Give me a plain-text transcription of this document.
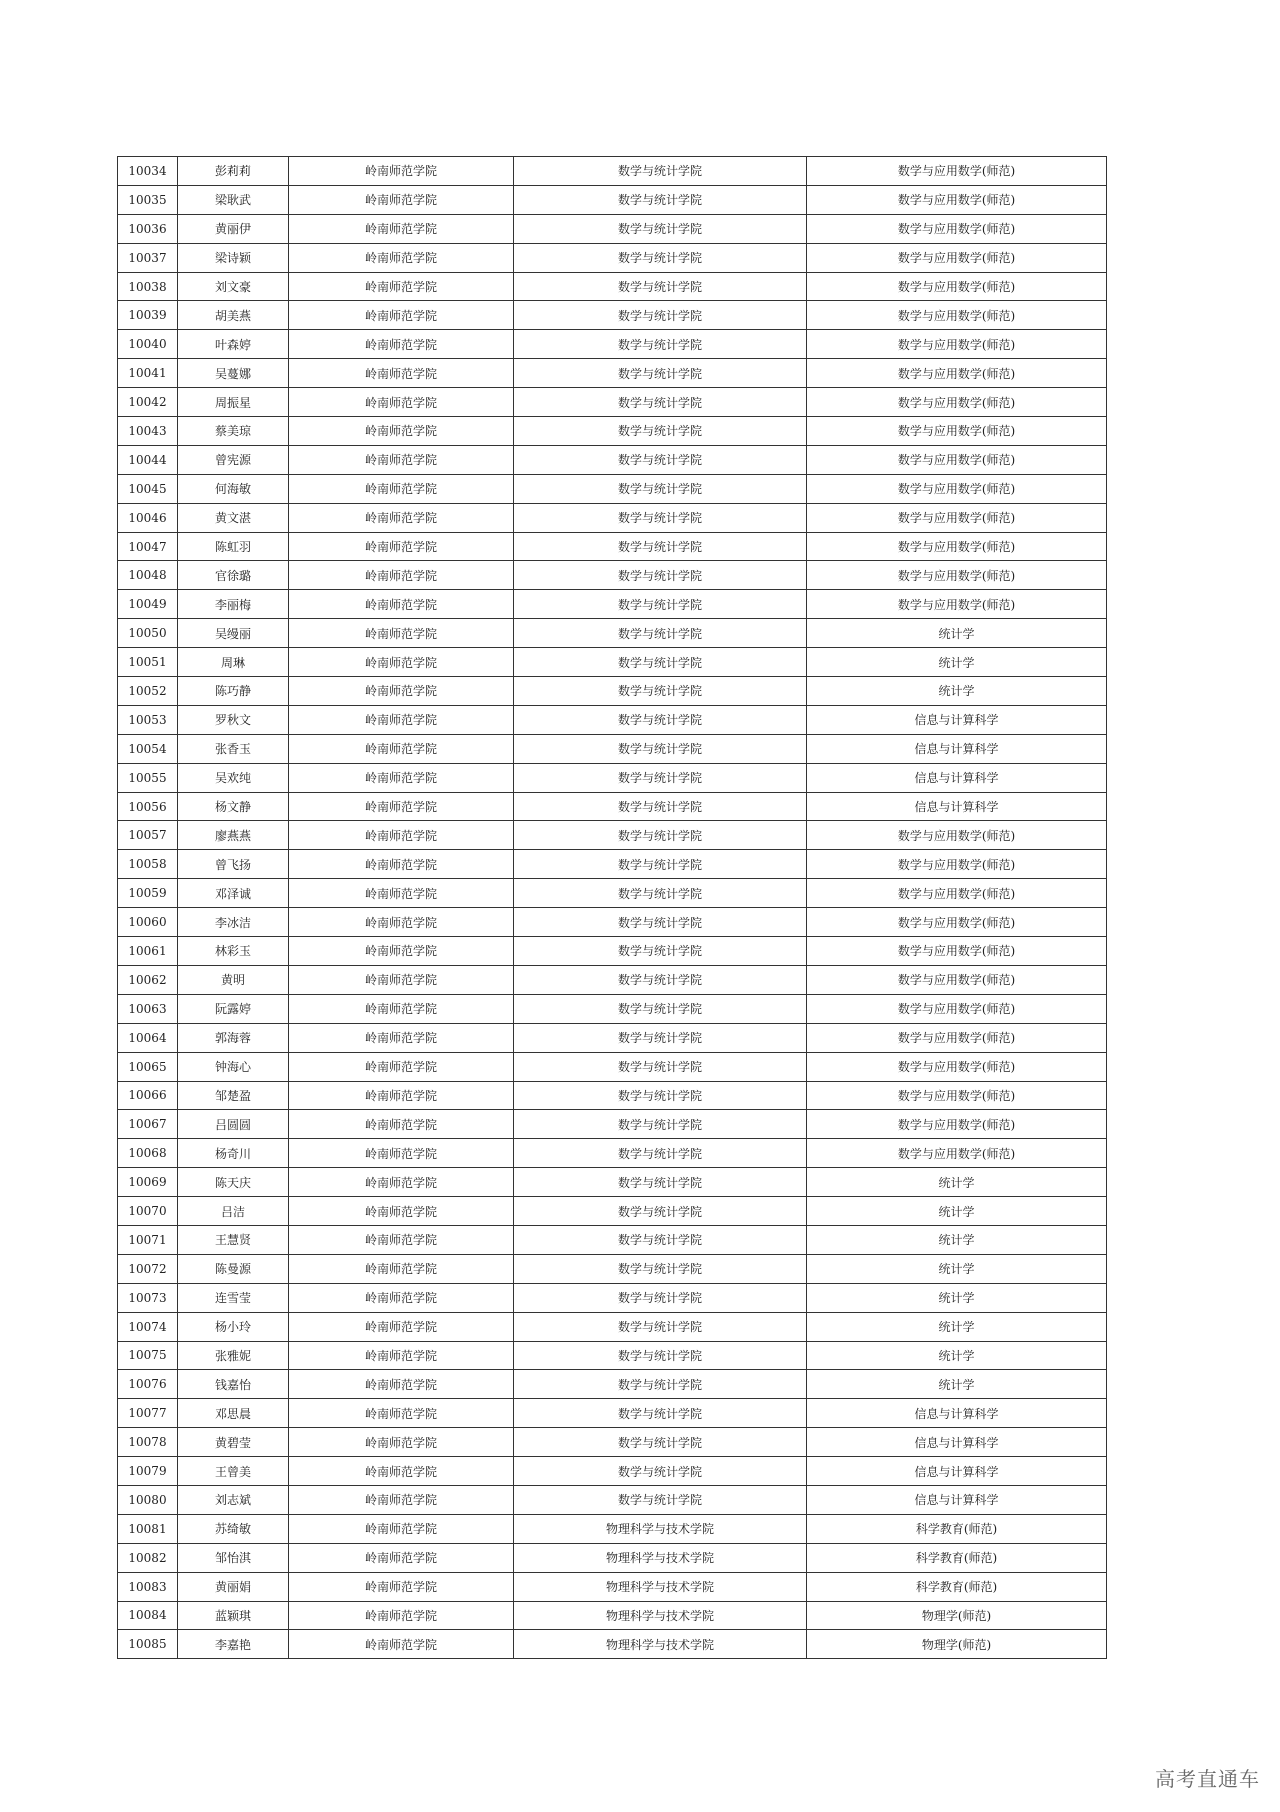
10034	彭莉莉	岭南师范学院	数学与统计学院	数学与应用数学(师范)
10035	梁耿武	岭南师范学院	数学与统计学院	数学与应用数学(师范)
10036	黄丽伊	岭南师范学院	数学与统计学院	数学与应用数学(师范)
10037	梁诗颖	岭南师范学院	数学与统计学院	数学与应用数学(师范)
10038	刘文豪	岭南师范学院	数学与统计学院	数学与应用数学(师范)
10039	胡美燕	岭南师范学院	数学与统计学院	数学与应用数学(师范)
10040	叶森婷	岭南师范学院	数学与统计学院	数学与应用数学(师范)
10041	吴蔓娜	岭南师范学院	数学与统计学院	数学与应用数学(师范)
10042	周振星	岭南师范学院	数学与统计学院	数学与应用数学(师范)
10043	蔡美琼	岭南师范学院	数学与统计学院	数学与应用数学(师范)
10044	曾宪源	岭南师范学院	数学与统计学院	数学与应用数学(师范)
10045	何海敏	岭南师范学院	数学与统计学院	数学与应用数学(师范)
10046	黄文湛	岭南师范学院	数学与统计学院	数学与应用数学(师范)
10047	陈虹羽	岭南师范学院	数学与统计学院	数学与应用数学(师范)
10048	官徐璐	岭南师范学院	数学与统计学院	数学与应用数学(师范)
10049	李丽梅	岭南师范学院	数学与统计学院	数学与应用数学(师范)
10050	吴缦丽	岭南师范学院	数学与统计学院	统计学
10051	周琳	岭南师范学院	数学与统计学院	统计学
10052	陈巧静	岭南师范学院	数学与统计学院	统计学
10053	罗秋文	岭南师范学院	数学与统计学院	信息与计算科学
10054	张香玉	岭南师范学院	数学与统计学院	信息与计算科学
10055	吴欢纯	岭南师范学院	数学与统计学院	信息与计算科学
10056	杨文静	岭南师范学院	数学与统计学院	信息与计算科学
10057	廖燕燕	岭南师范学院	数学与统计学院	数学与应用数学(师范)
10058	曾飞扬	岭南师范学院	数学与统计学院	数学与应用数学(师范)
10059	邓泽诚	岭南师范学院	数学与统计学院	数学与应用数学(师范)
10060	李冰洁	岭南师范学院	数学与统计学院	数学与应用数学(师范)
10061	林彩玉	岭南师范学院	数学与统计学院	数学与应用数学(师范)
10062	黄明	岭南师范学院	数学与统计学院	数学与应用数学(师范)
10063	阮露婷	岭南师范学院	数学与统计学院	数学与应用数学(师范)
10064	郭海蓉	岭南师范学院	数学与统计学院	数学与应用数学(师范)
10065	钟海心	岭南师范学院	数学与统计学院	数学与应用数学(师范)
10066	邹楚盈	岭南师范学院	数学与统计学院	数学与应用数学(师范)
10067	吕圆圆	岭南师范学院	数学与统计学院	数学与应用数学(师范)
10068	杨奇川	岭南师范学院	数学与统计学院	数学与应用数学(师范)
10069	陈天庆	岭南师范学院	数学与统计学院	统计学
10070	吕洁	岭南师范学院	数学与统计学院	统计学
10071	王慧贤	岭南师范学院	数学与统计学院	统计学
10072	陈曼源	岭南师范学院	数学与统计学院	统计学
10073	连雪莹	岭南师范学院	数学与统计学院	统计学
10074	杨小玲	岭南师范学院	数学与统计学院	统计学
10075	张雅妮	岭南师范学院	数学与统计学院	统计学
10076	钱嘉怡	岭南师范学院	数学与统计学院	统计学
10077	邓思晨	岭南师范学院	数学与统计学院	信息与计算科学
10078	黄碧莹	岭南师范学院	数学与统计学院	信息与计算科学
10079	王曾美	岭南师范学院	数学与统计学院	信息与计算科学
10080	刘志斌	岭南师范学院	数学与统计学院	信息与计算科学
10081	苏绮敏	岭南师范学院	物理科学与技术学院	科学教育(师范)
10082	邹怡淇	岭南师范学院	物理科学与技术学院	科学教育(师范)
10083	黄丽娟	岭南师范学院	物理科学与技术学院	科学教育(师范)
10084	蓝颖琪	岭南师范学院	物理科学与技术学院	物理学(师范)
10085	李嘉艳	岭南师范学院	物理科学与技术学院	物理学(师范)
高考直通车
